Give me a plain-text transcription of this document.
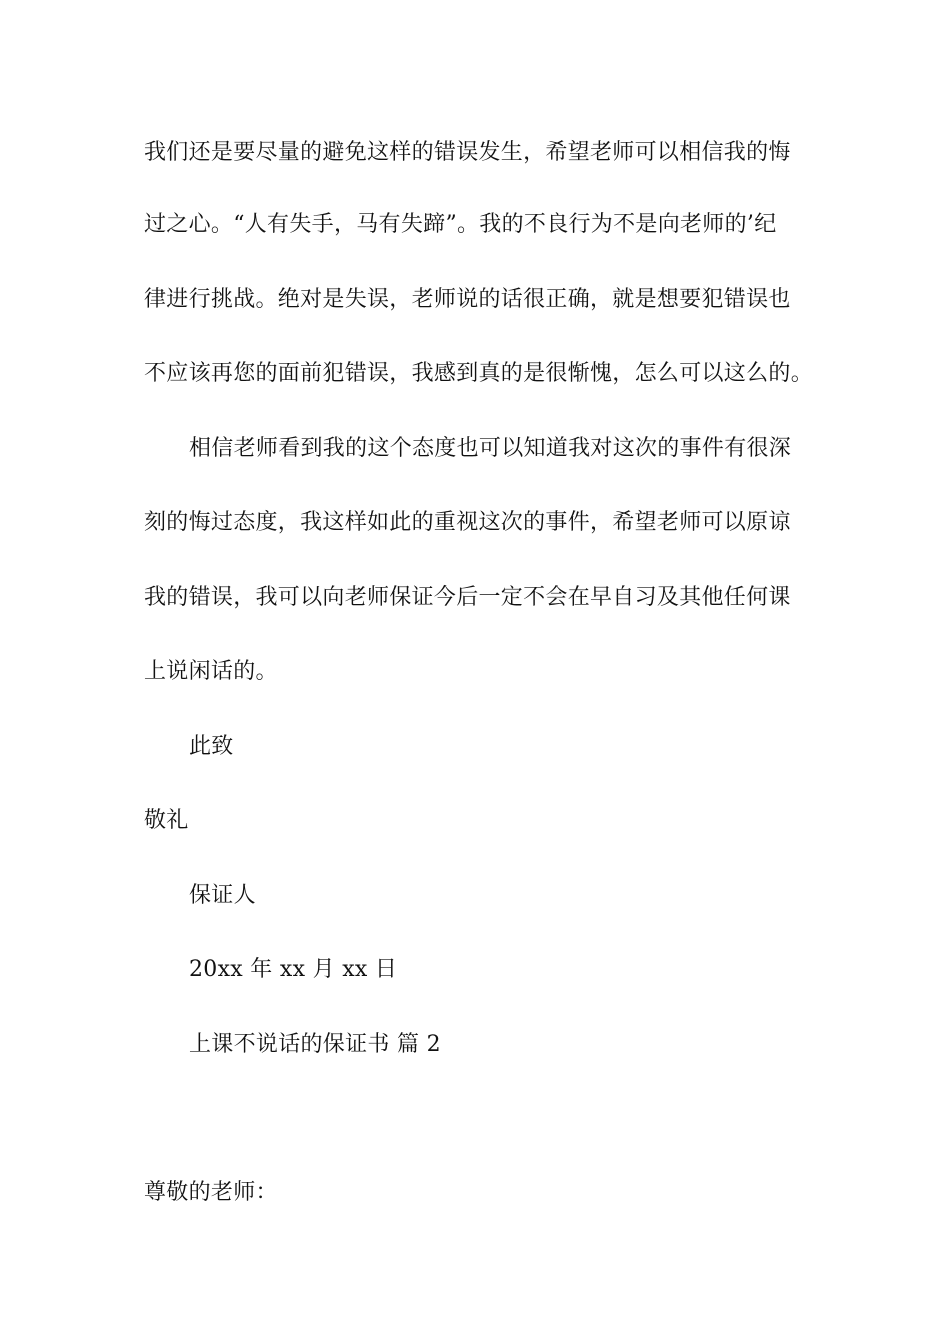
我们还是要尽量的避免这样的错误发生，希望老师可以相信我的悔
过之心。“人有失手，马有失蹄”。我的不良行为不是向老师的’纪
律进行挑战。绝对是失误，老师说的话很正确，就是想要犯错误也
不应该再您的面前犯错误，我感到真的是很惭愧，怎么可以这么的。
相信老师看到我的这个态度也可以知道我对这次的事件有很深
刻的悔过态度，我这样如此的重视这次的事件，希望老师可以原谅
我的错误，我可以向老师保证今后一定不会在早自习及其他任何课
上说闲话的。
此致
敬礼
保证人
20xx 年 xx 月 xx 日
上课不说话的保证书 篇 2
尊敬的老师：
